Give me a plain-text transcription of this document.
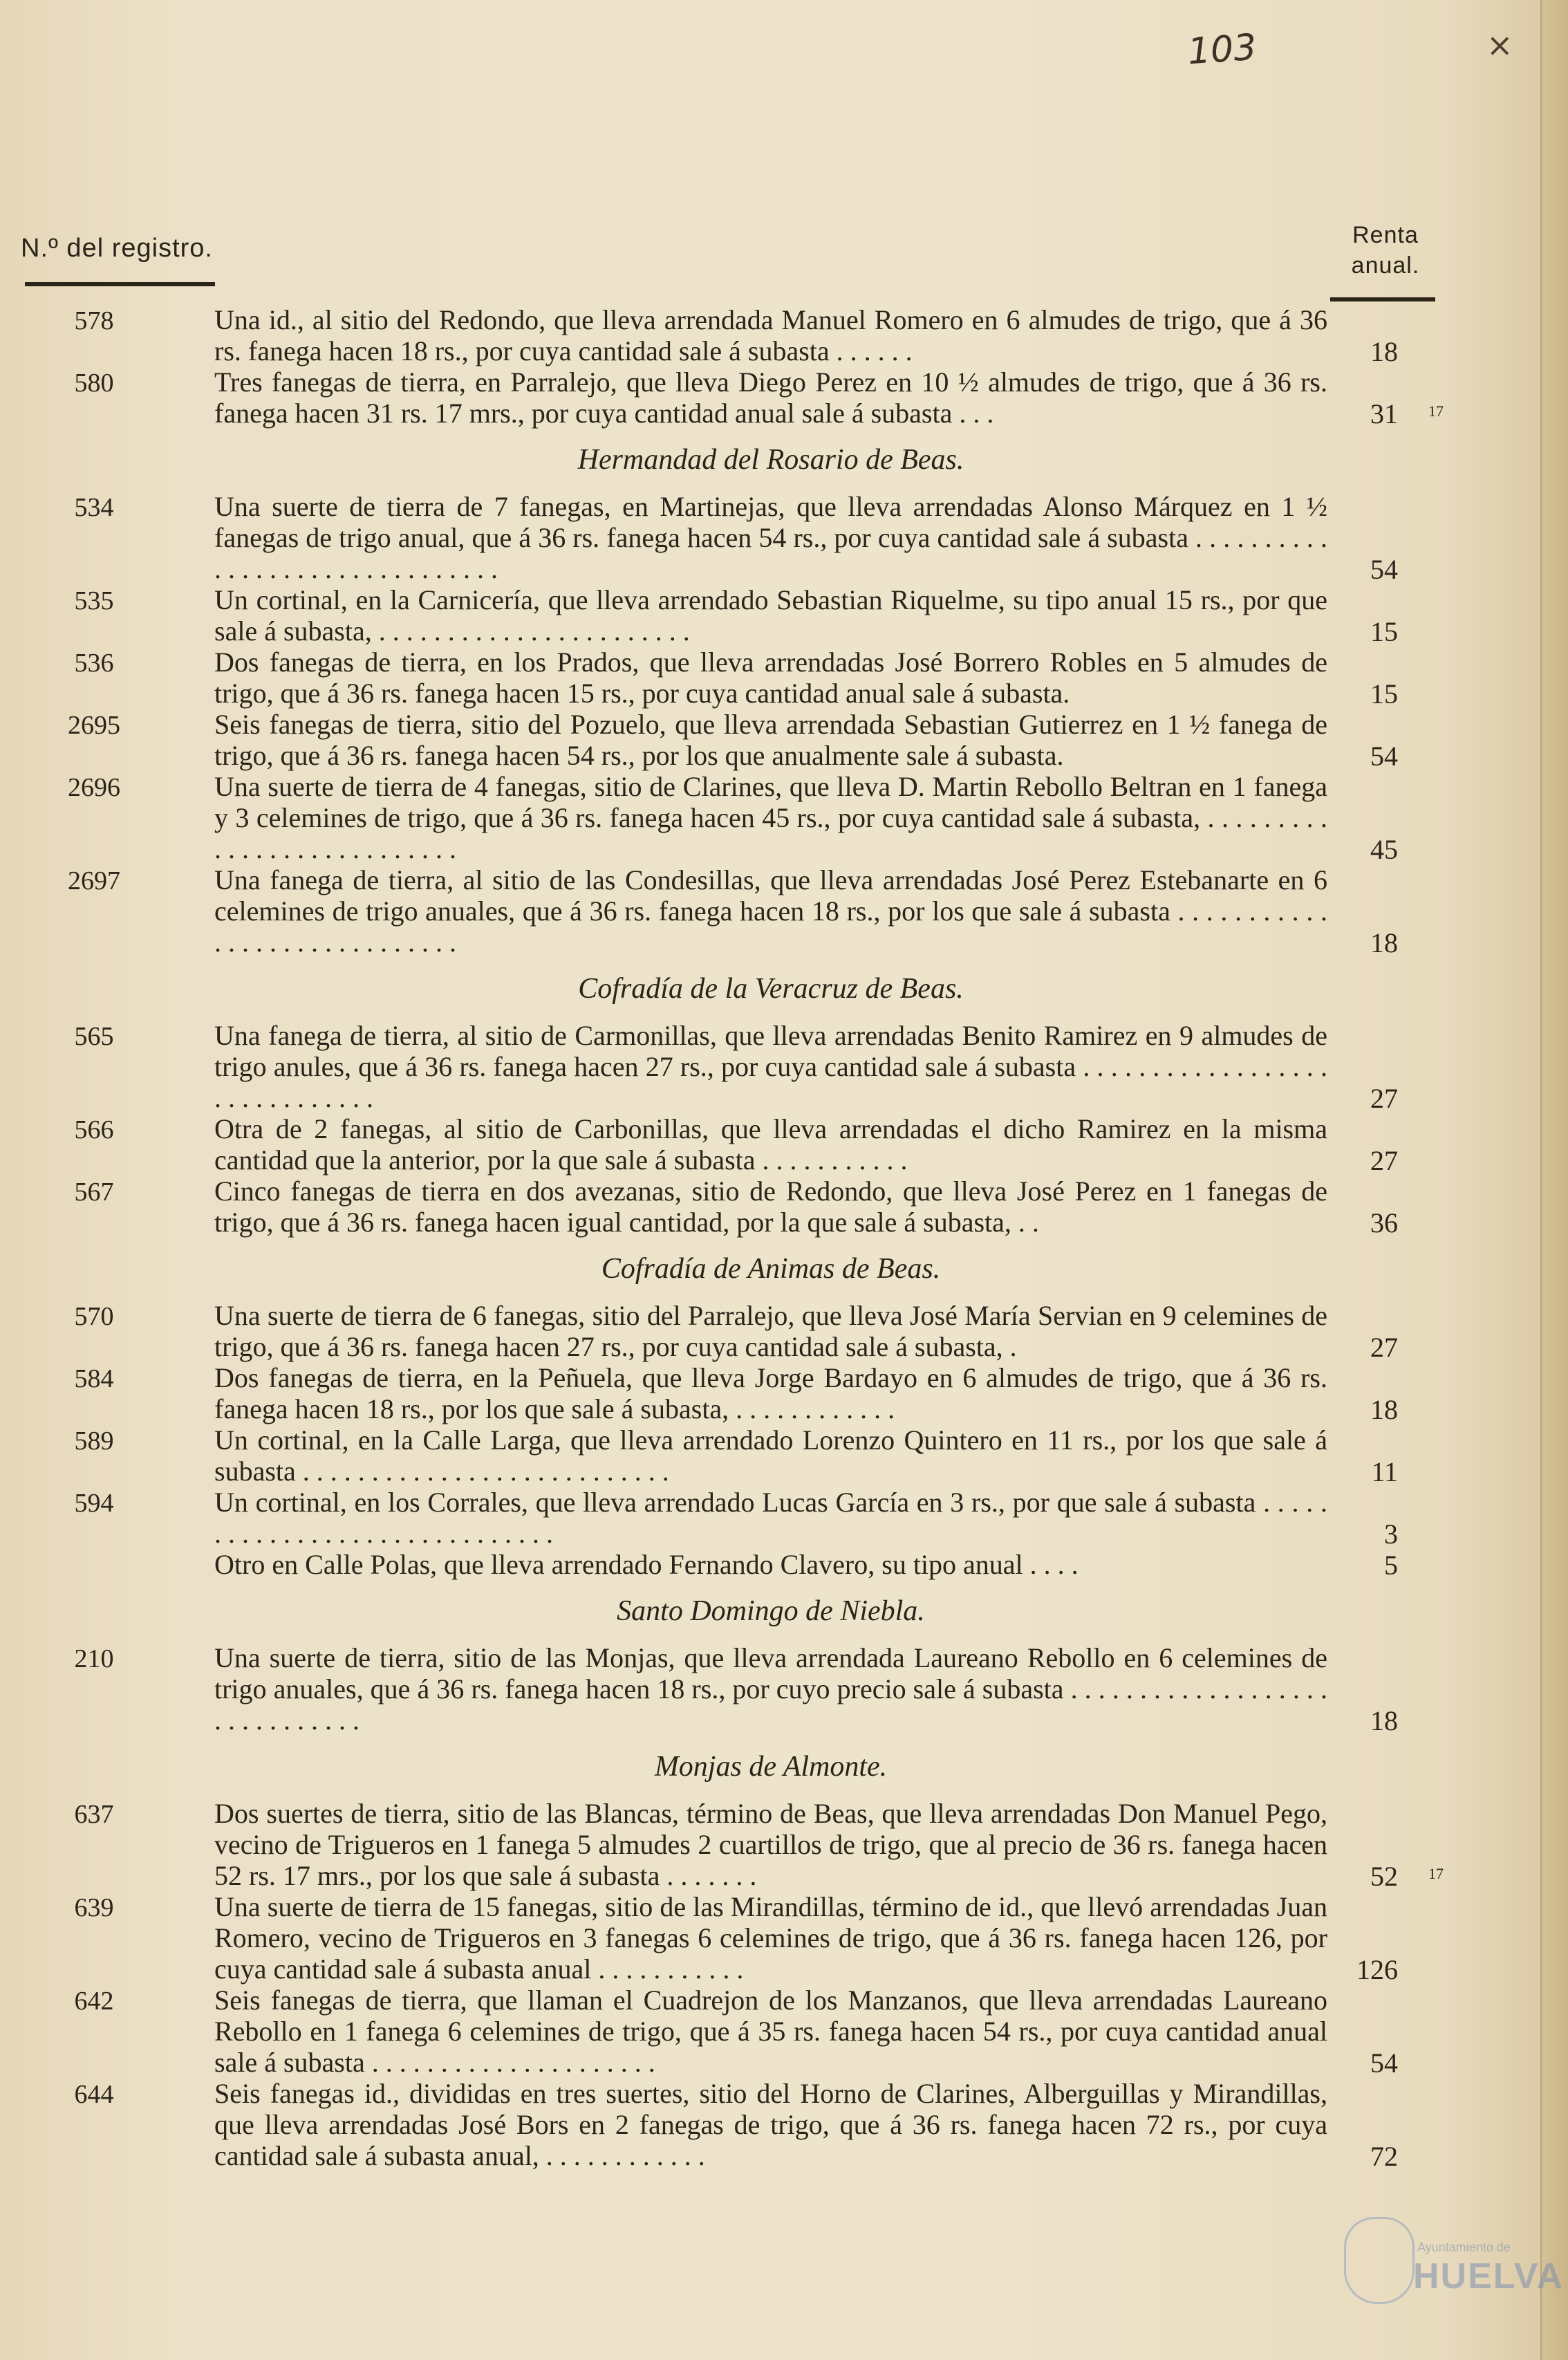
103	×
N.º del registro.	Renta
anual.
578	Una id., al sitio del Redondo, que lleva arrendada Manuel Romero en 6 almudes de trigo, que á 36 rs. fanega hacen 18 rs., por cuya cantidad sale á subasta . . . . . .	18
580	Tres fanegas de tierra, en Parralejo, que lleva Diego Perez en 10 ½ almudes de trigo, que á 36 rs. fanega hacen 31 rs. 17 mrs., por cuya cantidad anual sale á subasta . . .	31 17
Hermandad del Rosario de Beas.
534	Una suerte de tierra de 7 fanegas, en Martinejas, que lleva arrendadas Alonso Márquez en 1 ½ fanegas de trigo anual, que á 36 rs. fanega hacen 54 rs., por cuya cantidad sale á subasta . . . . . . . . . . . . . . . . . . . . . . . . . . . . . . .	54
535	Un cortinal, en la Carnicería, que lleva arrendado Sebastian Riquelme, su tipo anual 15 rs., por que sale á subasta, . . . . . . . . . . . . . . . . . . . . . . .	15
536	Dos fanegas de tierra, en los Prados, que lleva arrendadas José Borrero Robles en 5 almudes de trigo, que á 36 rs. fanega hacen 15 rs., por cuya cantidad anual sale á subasta.	15
2695	Seis fanegas de tierra, sitio del Pozuelo, que lleva arrendada Sebastian Gutierrez en 1 ½ fanega de trigo, que á 36 rs. fanega hacen 54 rs., por los que anualmente sale á subasta.	54
2696	Una suerte de tierra de 4 fanegas, sitio de Clarines, que lleva D. Martin Rebollo Beltran en 1 fanega y 3 celemines de trigo, que á 36 rs. fanega hacen 45 rs., por cuya cantidad sale á subasta, . . . . . . . . . . . . . . . . . . . . . . . . . . .	45
2697	Una fanega de tierra, al sitio de las Condesillas, que lleva arrendadas José Perez Estebanarte en 6 celemines de trigo anuales, que á 36 rs. fanega hacen 18 rs., por los que sale á subasta . . . . . . . . . . . . . . . . . . . . . . . . . . . . .	18
Cofradía de la Veracruz de Beas.
565	Una fanega de tierra, al sitio de Carmonillas, que lleva arrendadas Benito Ramirez en 9 almudes de trigo anules, que á 36 rs. fanega hacen 27 rs., por cuya cantidad sale á subasta . . . . . . . . . . . . . . . . . . . . . . . . . . . . . .	27
566	Otra de 2 fanegas, al sitio de Carbonillas, que lleva arrendadas el dicho Ramirez en la misma cantidad que la anterior, por la que sale á subasta . . . . . . . . . . .	27
567	Cinco fanegas de tierra en dos avezanas, sitio de Redondo, que lleva José Perez en 1 fanegas de trigo, que á 36 rs. fanega hacen igual cantidad, por la que sale á subasta, . .	36
Cofradía de Animas de Beas.
570	Una suerte de tierra de 6 fanegas, sitio del Parralejo, que lleva José María Servian en 9 celemines de trigo, que á 36 rs. fanega hacen 27 rs., por cuya cantidad sale á subasta, .	27
584	Dos fanegas de tierra, en la Peñuela, que lleva Jorge Bardayo en 6 almudes de trigo, que á 36 rs. fanega hacen 18 rs., por los que sale á subasta, . . . . . . . . . . . .	18
589	Un cortinal, en la Calle Larga, que lleva arrendado Lorenzo Quintero en 11 rs., por los que sale á subasta . . . . . . . . . . . . . . . . . . . . . . . . . . .	11
594	Un cortinal, en los Corrales, que lleva arrendado Lucas García en 3 rs., por que sale á subasta . . . . . . . . . . . . . . . . . . . . . . . . . . . . . .	3
Otro en Calle Polas, que lleva arrendado Fernando Clavero, su tipo anual . . . .	5
Santo Domingo de Niebla.
210	Una suerte de tierra, sitio de las Monjas, que lleva arrendada Laureano Rebollo en 6 celemines de trigo anuales, que á 36 rs. fanega hacen 18 rs., por cuyo precio sale á subasta . . . . . . . . . . . . . . . . . . . . . . . . . . . . . .	18
Monjas de Almonte.
637	Dos suertes de tierra, sitio de las Blancas, término de Beas, que lleva arrendadas Don Manuel Pego, vecino de Trigueros en 1 fanega 5 almudes 2 cuartillos de trigo, que al precio de 36 rs. fanega hacen 52 rs. 17 mrs., por los que sale á subasta . . . . . . .	52 17
639	Una suerte de tierra de 15 fanegas, sitio de las Mirandillas, término de id., que llevó arrendadas Juan Romero, vecino de Trigueros en 3 fanegas 6 celemines de trigo, que á 36 rs. fanega hacen 126, por cuya cantidad sale á subasta anual . . . . . . . . . . .	126
642	Seis fanegas de tierra, que llaman el Cuadrejon de los Manzanos, que lleva arrendadas Laureano Rebollo en 1 fanega 6 celemines de trigo, que á 35 rs. fanega hacen 54 rs., por cuya cantidad anual sale á subasta . . . . . . . . . . . . . . . . . . . . .	54
644	Seis fanegas id., divididas en tres suertes, sitio del Horno de Clarines, Alberguillas y Mirandillas, que lleva arrendadas José Bors en 2 fanegas de trigo, que á 36 rs. fanega hacen 72 rs., por cuya cantidad sale á subasta anual, . . . . . . . . . . . .	72
Ayuntamiento de
HUELVA
